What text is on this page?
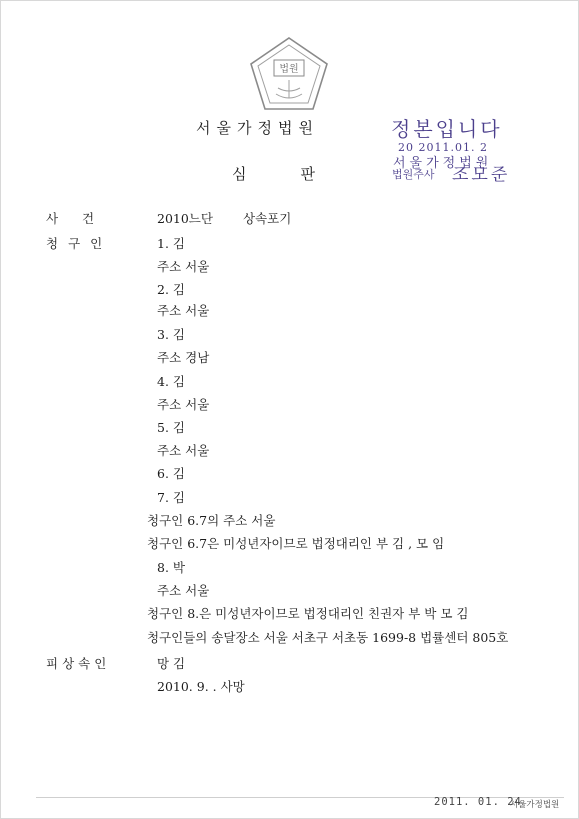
법원
서울가정법원
심	판
정본입니다
20 2011.01. 2
서울가정법원
법원주사 조모준
사 건	2010느단 상속포기
청구인	1. 김
주소 서울
2. 김
주소 서울
3. 김
주소 경남
4. 김
주소 서울
5. 김
주소 서울
6. 김
7. 김
청구인 6.7의 주소 서울
청구인 6.7은 미성년자이므로 법정대리인 부 김 , 모 임
8. 박
주소 서울
청구인 8.은 미성년자이므로 법정대리인 친권자 부 박 모 김
청구인들의 송달장소 서울 서초구 서초동 1699-8 법률센터 805호
피상속인	망 김
2010. 9. . 사망
2011. 01. 24
서울가정법원
